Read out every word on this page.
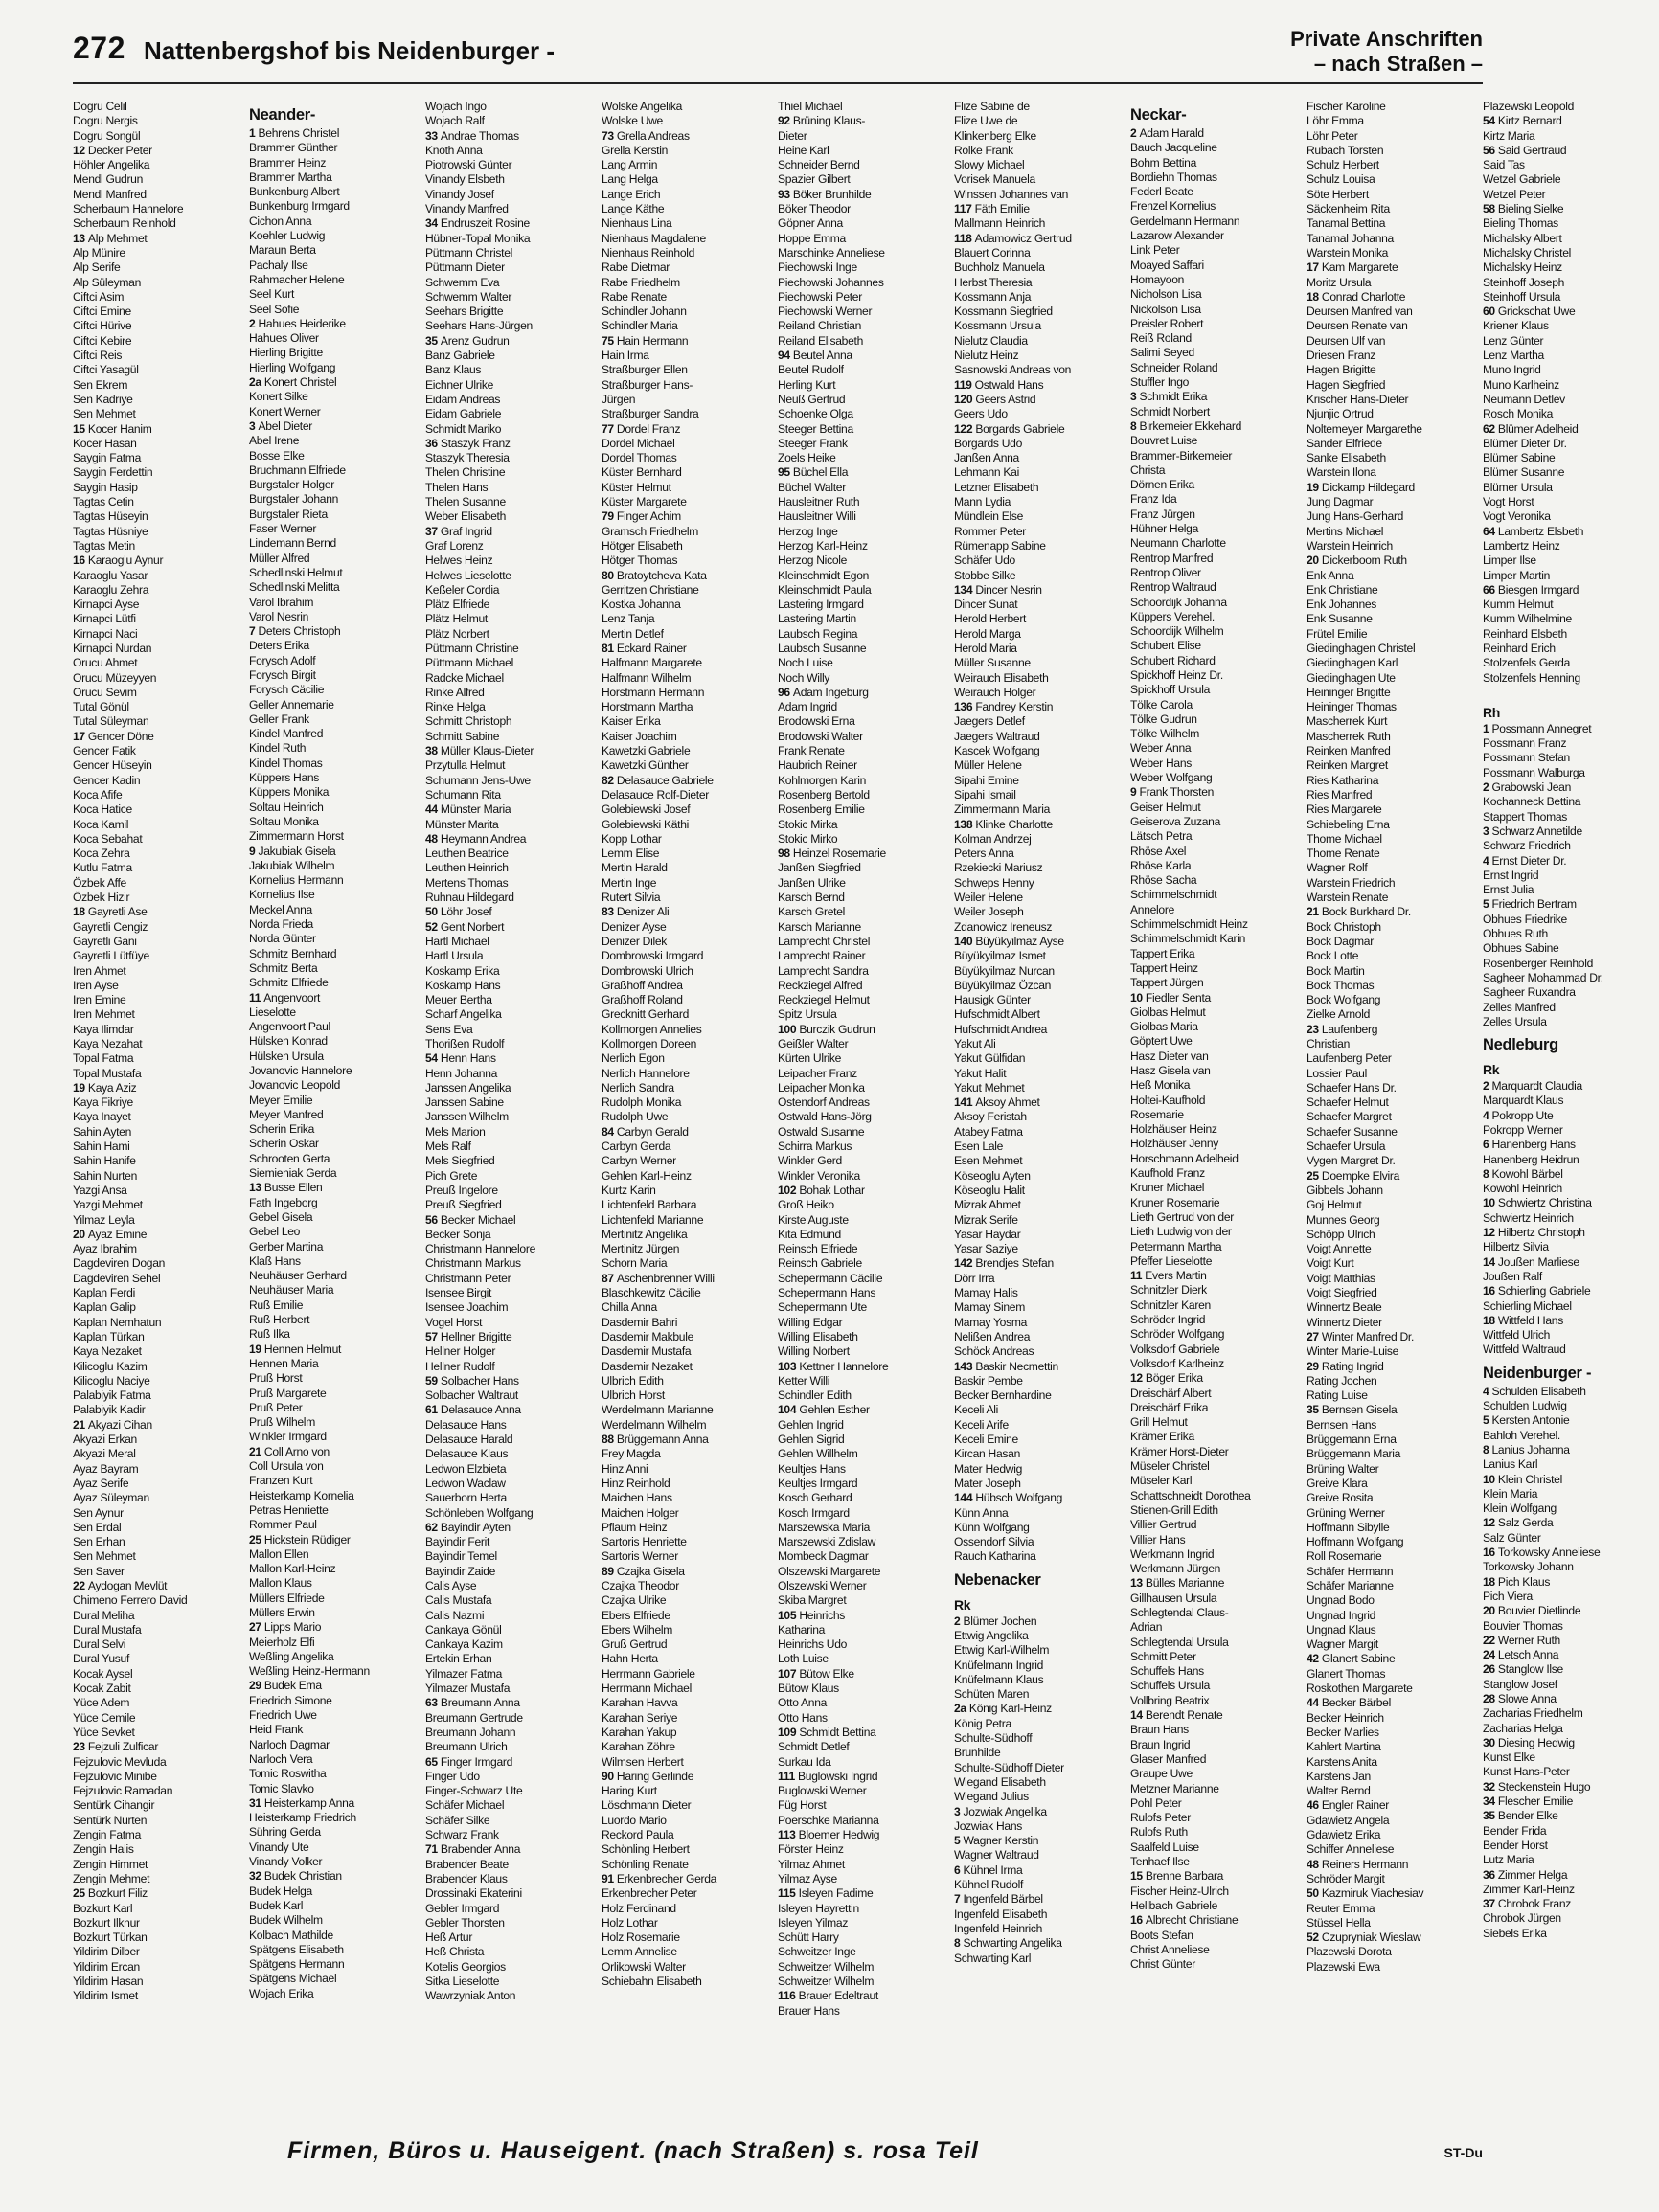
272 Nattenbergshof bis Neidenburger -	Private Anschriften
– nach Straßen –
Dogru Celil
Dogru Nergis
Dogru Songül
12 Decker Peter
Höhler Angelika
Mendl Gudrun
Mendl Manfred
Scherbaum Hannelore
Scherbaum Reinhold
13 Alp Mehmet
Alp Münire
Alp Serife
Alp Süleyman
Ciftci Asim
Ciftci Emine
Ciftci Hürive
Ciftci Kebire
Ciftci Reis
Ciftci Yasagül
Sen Ekrem
Sen Kadriye
Sen Mehmet
15 Kocer Hanim
Kocer Hasan
Saygin Fatma
Saygin Ferdettin
Saygin Hasip
Tagtas Cetin
Tagtas Hüseyin
Tagtas Hüsniye
Tagtas Metin
16 Karaoglu Aynur
Karaoglu Yasar
Karaoglu Zehra
Kirnapci Ayse
Kirnapci Lütfi
Kirnapci Naci
Kirnapci Nurdan
Orucu Ahmet
Orucu Müzeyyen
Orucu Sevim
Tutal Gönül
Tutal Süleyman
17 Gencer Döne
Gencer Fatik
Gencer Hüseyin
Gencer Kadin
Koca Afife
Koca Hatice
Koca Kamil
Koca Sebahat
Koca Zehra
Kutlu Fatma
Özbek Affe
Özbek Hizir
18 Gayretli Ase
Gayretli Cengiz
Gayretli Gani
Gayretli Lütfüye
Iren Ahmet
Iren Ayse
Iren Emine
Iren Mehmet
Kaya Ilimdar
Kaya Nezahat
Topal Fatma
Topal Mustafa
19 Kaya Aziz
Kaya Fikriye
Kaya Inayet
Sahin Ayten
Sahin Hami
Sahin Hanife
Sahin Nurten
Yazgi Ansa
Yazgi Mehmet
Yilmaz Leyla
20 Ayaz Emine
Ayaz Ibrahim
Dagdeviren Dogan
Dagdeviren Sehel
Kaplan Ferdi
Kaplan Galip
Kaplan Nemhatun
Kaplan Türkan
Kaya Nezaket
Kilicoglu Kazim
Kilicoglu Naciye
Palabiyik Fatma
Palabiyik Kadir
21 Akyazi Cihan
Akyazi Erkan
Akyazi Meral
Ayaz Bayram
Ayaz Serife
Ayaz Süleyman
Sen Aynur
Sen Erdal
Sen Erhan
Sen Mehmet
Sen Saver
22 Aydogan Mevlüt
Chimeno Ferrero David
Dural Meliha
Dural Mustafa
Dural Selvi
Dural Yusuf
Kocak Aysel
Kocak Zabit
Yüce Adem
Yüce Cemile
Yüce Sevket
23 Fejzuli Zulficar
Fejzulovic Mevluda
Fejzulovic Minibe
Fejzulovic Ramadan
Sentürk Cihangir
Sentürk Nurten
Zengin Fatma
Zengin Halis
Zengin Himmet
Zengin Mehmet
25 Bozkurt Filiz
Bozkurt Karl
Bozkurt Ilknur
Bozkurt Türkan
Yildirim Dilber
Yildirim Ercan
Yildirim Hasan
Yildirim Ismet
Neander-
1 Behrens Christel
Brammer Günther
Brammer Heinz
Brammer Martha
Bunkenburg Albert
Bunkenburg Irmgard
Cichon Anna
Koehler Ludwig
Maraun Berta
Pachaly Ilse
Rahmacher Helene
Seel Kurt
Seel Sofie
2 Hahues Heiderike
Hahues Oliver
Hierling Brigitte
Hierling Wolfgang
2a Konert Christel
Konert Silke
Konert Werner
3 Abel Dieter
Abel Irene
Bosse Elke
Bruchmann Elfriede
Burgstaler Holger
Burgstaler Johann
Burgstaler Rieta
Faser Werner
Lindemann Bernd
Müller Alfred
Schedlinski Helmut
Schedlinski Melitta
Varol Ibrahim
Varol Nesrin
7 Deters Christoph
Deters Erika
Forysch Adolf
Forysch Birgit
Forysch Cäcilie
Geller Annemarie
Geller Frank
Kindel Manfred
Kindel Ruth
Kindel Thomas
Küppers Hans
Küppers Monika
Soltau Heinrich
Soltau Monika
Zimmermann Horst
9 Jakubiak Gisela
Jakubiak Wilhelm
Kornelius Hermann
Kornelius Ilse
Meckel Anna
Norda Frieda
Norda Günter
Schmitz Bernhard
Schmitz Berta
Schmitz Elfriede
11 Angenvoort
Lieselotte
Angenvoort Paul
Hülsken Konrad
Hülsken Ursula
Jovanovic Hannelore
Jovanovic Leopold
Meyer Emilie
Meyer Manfred
Scherin Erika
Scherin Oskar
Schrooten Gerta
Siemieniak Gerda
13 Busse Ellen
Fath Ingeborg
Gebel Gisela
Gebel Leo
Gerber Martina
Klaß Hans
Neuhäuser Gerhard
Neuhäuser Maria
Ruß Emilie
Ruß Herbert
Ruß Ilka
19 Hennen Helmut
Hennen Maria
Pruß Horst
Pruß Margarete
Pruß Peter
Pruß Wilhelm
Winkler Irmgard
21 Coll Arno von
Coll Ursula von
Franzen Kurt
Heisterkamp Kornelia
Petras Henriette
Rommer Paul
25 Hickstein Rüdiger
Mallon Ellen
Mallon Karl-Heinz
Mallon Klaus
Müllers Elfriede
Müllers Erwin
27 Lipps Mario
Meierholz Elfi
Weßling Angelika
Weßling Heinz-Hermann
29 Budek Ema
Friedrich Simone
Friedrich Uwe
Heid Frank
Narloch Dagmar
Narloch Vera
Tomic Roswitha
Tomic Slavko
31 Heisterkamp Anna
Heisterkamp Friedrich
Sühring Gerda
Vinandy Ute
Vinandy Volker
32 Budek Christian
Budek Helga
Budek Karl
Budek Wilhelm
Kolbach Mathilde
Spätgens Elisabeth
Spätgens Hermann
Spätgens Michael
Wojach Erika
Wojach Ingo
Wojach Ralf
33 Andrae Thomas
Knoth Anna
Piotrowski Günter
Vinandy Elsbeth
Vinandy Josef
Vinandy Manfred
34 Endruszeit Rosine
Hübner-Topal Monika
Püttmann Christel
Püttmann Dieter
Schwemm Eva
Schwemm Walter
Seehars Brigitte
Seehars Hans-Jürgen
35 Arenz Gudrun
Banz Gabriele
Banz Klaus
Eichner Ulrike
Eidam Andreas
Eidam Gabriele
Schmidt Mariko
36 Staszyk Franz
Staszyk Theresia
Thelen Christine
Thelen Hans
Thelen Susanne
Weber Elisabeth
37 Graf Ingrid
Graf Lorenz
Helwes Heinz
Helwes Lieselotte
Keßeler Cordia
Plätz Elfriede
Plätz Helmut
Plätz Norbert
Püttmann Christine
Püttmann Michael
Radcke Michael
Rinke Alfred
Rinke Helga
Schmitt Christoph
Schmitt Sabine
38 Müller Klaus-Dieter
Przytulla Helmut
Schumann Jens-Uwe
Schumann Rita
44 Münster Maria
Münster Marita
48 Heymann Andrea
Leuthen Beatrice
Leuthen Heinrich
Mertens Thomas
Ruhnau Hildegard
50 Löhr Josef
52 Gent Norbert
Hartl Michael
Hartl Ursula
Koskamp Erika
Koskamp Hans
Meuer Bertha
Scharf Angelika
Sens Eva
Thorißen Rudolf
54 Henn Hans
Henn Johanna
Janssen Angelika
Janssen Sabine
Janssen Wilhelm
Mels Marion
Mels Ralf
Mels Siegfried
Pich Grete
Preuß Ingelore
Preuß Siegfried
56 Becker Michael
Becker Sonja
Christmann Hannelore
Christmann Markus
Christmann Peter
Isensee Birgit
Isensee Joachim
Vogel Horst
57 Hellner Brigitte
Hellner Holger
Hellner Rudolf
59 Solbacher Hans
Solbacher Waltraut
61 Delasauce Anna
Delasauce Hans
Delasauce Harald
Delasauce Klaus
Ledwon Elzbieta
Ledwon Waclaw
Sauerborn Herta
Schönleben Wolfgang
62 Bayindir Ayten
Bayindir Ferit
Bayindir Temel
Bayindir Zaide
Calis Ayse
Calis Mustafa
Calis Nazmi
Cankaya Gönül
Cankaya Kazim
Ertekin Erhan
Yilmazer Fatma
Yilmazer Mustafa
63 Breumann Anna
Breumann Gertrude
Breumann Johann
Breumann Ulrich
65 Finger Irmgard
Finger Udo
Finger-Schwarz Ute
Schäfer Michael
Schäfer Silke
Schwarz Frank
71 Brabender Anna
Brabender Beate
Brabender Klaus
Drossinaki Ekaterini
Gebler Irmgard
Gebler Thorsten
Heß Artur
Heß Christa
Kotelis Georgios
Sitka Lieselotte
Wawrzyniak Anton
Wolske Angelika
Wolske Uwe
73 Grella Andreas
Grella Kerstin
Lang Armin
Lang Helga
Lange Erich
Lange Käthe
Nienhaus Lina
Nienhaus Magdalene
Nienhaus Reinhold
Rabe Dietmar
Rabe Friedhelm
Rabe Renate
Schindler Johann
Schindler Maria
75 Hain Hermann
Hain Irma
Straßburger Ellen
Straßburger Hans-
Jürgen
Straßburger Sandra
77 Dordel Franz
Dordel Michael
Dordel Thomas
Küster Bernhard
Küster Helmut
Küster Margarete
79 Finger Achim
Gramsch Friedhelm
Hötger Elisabeth
Hötger Thomas
80 Bratoytcheva Kata
Gerritzen Christiane
Kostka Johanna
Lenz Tanja
Mertin Detlef
81 Eckard Rainer
Halfmann Margarete
Halfmann Wilhelm
Horstmann Hermann
Horstmann Martha
Kaiser Erika
Kaiser Joachim
Kawetzki Gabriele
Kawetzki Günther
82 Delasauce Gabriele
Delasauce Rolf-Dieter
Golebiewski Josef
Golebiewski Käthi
Kopp Lothar
Lemm Elise
Mertin Harald
Mertin Inge
Rutert Silvia
83 Denizer Ali
Denizer Ayse
Denizer Dilek
Dombrowski Irmgard
Dombrowski Ulrich
Graßhoff Andrea
Graßhoff Roland
Grecknitt Gerhard
Kollmorgen Annelies
Kollmorgen Doreen
Nerlich Egon
Nerlich Hannelore
Nerlich Sandra
Rudolph Monika
Rudolph Uwe
84 Carbyn Gerald
Carbyn Gerda
Carbyn Werner
Gehlen Karl-Heinz
Kurtz Karin
Lichtenfeld Barbara
Lichtenfeld Marianne
Mertinitz Angelika
Mertinitz Jürgen
Schorn Maria
87 Aschenbrenner Willi
Blaschkewitz Cäcilie
Chilla Anna
Dasdemir Bahri
Dasdemir Makbule
Dasdemir Mustafa
Dasdemir Nezaket
Ulbrich Edith
Ulbrich Horst
Werdelmann Marianne
Werdelmann Wilhelm
88 Brüggemann Anna
Frey Magda
Hinz Anni
Hinz Reinhold
Maichen Hans
Maichen Holger
Pflaum Heinz
Sartoris Henriette
Sartoris Werner
89 Czajka Gisela
Czajka Theodor
Czajka Ulrike
Ebers Elfriede
Ebers Wilhelm
Gruß Gertrud
Hahn Herta
Herrmann Gabriele
Herrmann Michael
Karahan Havva
Karahan Seriye
Karahan Yakup
Karahan Zöhre
Wilmsen Herbert
90 Haring Gerlinde
Haring Kurt
Löschmann Dieter
Luordo Mario
Reckord Paula
Schönling Herbert
Schönling Renate
91 Erkenbrecher Gerda
Erkenbrecher Peter
Holz Ferdinand
Holz Lothar
Holz Rosemarie
Lemm Annelise
Orlikowski Walter
Schiebahn Elisabeth
Thiel Michael
92 Brüning Klaus-
Dieter
Heine Karl
Schneider Bernd
Spazier Gilbert
93 Böker Brunhilde
Böker Theodor
Göpner Anna
Hoppe Emma
Marschinke Anneliese
Piechowski Inge
Piechowski Johannes
Piechowski Peter
Piechowski Werner
Reiland Christian
Reiland Elisabeth
94 Beutel Anna
Beutel Rudolf
Herling Kurt
Neuß Gertrud
Schoenke Olga
Steeger Bettina
Steeger Frank
Zoels Heike
95 Büchel Ella
Büchel Walter
Hausleitner Ruth
Hausleitner Willi
Herzog Inge
Herzog Karl-Heinz
Herzog Nicole
Kleinschmidt Egon
Kleinschmidt Paula
Lastering Irmgard
Lastering Martin
Laubsch Regina
Laubsch Susanne
Noch Luise
Noch Willy
96 Adam Ingeburg
Adam Ingrid
Brodowski Erna
Brodowski Walter
Frank Renate
Haubrich Reiner
Kohlmorgen Karin
Rosenberg Bertold
Rosenberg Emilie
Stokic Mirka
Stokic Mirko
98 Heinzel Rosemarie
Janßen Siegfried
Janßen Ulrike
Karsch Bernd
Karsch Gretel
Karsch Marianne
Lamprecht Christel
Lamprecht Rainer
Lamprecht Sandra
Reckziegel Alfred
Reckziegel Helmut
Spitz Ursula
100 Burczik Gudrun
Geißler Walter
Kürten Ulrike
Leipacher Franz
Leipacher Monika
Ostendorf Andreas
Ostwald Hans-Jörg
Ostwald Susanne
Schirra Markus
Winkler Gerd
Winkler Veronika
102 Bohak Lothar
Groß Heiko
Kirste Auguste
Kita Edmund
Reinsch Elfriede
Reinsch Gabriele
Schepermann Cäcilie
Schepermann Hans
Schepermann Ute
Willing Edgar
Willing Elisabeth
Willing Norbert
103 Kettner Hannelore
Ketter Willi
Schindler Edith
104 Gehlen Esther
Gehlen Ingrid
Gehlen Sigrid
Gehlen Willhelm
Keultjes Hans
Keultjes Irmgard
Kosch Gerhard
Kosch Irmgard
Marszewska Maria
Marszewski Zdislaw
Mombeck Dagmar
Olszewski Margarete
Olszewski Werner
Skiba Margret
105 Heinrichs
Katharina
Heinrichs Udo
Loth Luise
107 Bütow Elke
Bütow Klaus
Otto Anna
Otto Hans
109 Schmidt Bettina
Schmidt Detlef
Surkau Ida
111 Buglowski Ingrid
Buglowski Werner
Füg Horst
Poerschke Marianna
113 Bloemer Hedwig
Förster Heinz
Yilmaz Ahmet
Yilmaz Ayse
115 Isleyen Fadime
Isleyen Hayrettin
Isleyen Yilmaz
Schütt Harry
Schweitzer Inge
Schweitzer Wilhelm
Schweitzer Wilhelm
116 Brauer Edeltraut
Brauer Hans
Flize Sabine de
Flize Uwe de
Klinkenberg Elke
Rolke Frank
Slowy Michael
Vorisek Manuela
Winssen Johannes van
117 Fäth Emilie
Mallmann Heinrich
118 Adamowicz Gertrud
Blauert Corinna
Buchholz Manuela
Herbst Theresia
Kossmann Anja
Kossmann Siegfried
Kossmann Ursula
Nielutz Claudia
Nielutz Heinz
Sasnowski Andreas von
119 Ostwald Hans
120 Geers Astrid
Geers Udo
122 Borgards Gabriele
Borgards Udo
Janßen Anna
Lehmann Kai
Letzner Elisabeth
Mann Lydia
Mündlein Else
Rommer Peter
Rümenapp Sabine
Schäfer Udo
Stobbe Silke
134 Dincer Nesrin
Dincer Sunat
Herold Herbert
Herold Marga
Herold Maria
Müller Susanne
Weirauch Elisabeth
Weirauch Holger
136 Fandrey Kerstin
Jaegers Detlef
Jaegers Waltraud
Kascek Wolfgang
Müller Helene
Sipahi Emine
Sipahi Ismail
Zimmermann Maria
138 Klinke Charlotte
Kolman Andrzej
Peters Anna
Rzekiecki Mariusz
Schweps Henny
Weiler Helene
Weiler Joseph
Zdanowicz Ireneusz
140 Büyükyilmaz Ayse
Büyükyilmaz Ismet
Büyükyilmaz Nurcan
Büyükyilmaz Özcan
Hausigk Günter
Hufschmidt Albert
Hufschmidt Andrea
Yakut Ali
Yakut Gülfidan
Yakut Halit
Yakut Mehmet
141 Aksoy Ahmet
Aksoy Feristah
Atabey Fatma
Esen Lale
Esen Mehmet
Köseoglu Ayten
Köseoglu Halit
Mizrak Ahmet
Mizrak Serife
Yasar Haydar
Yasar Saziye
142 Brendjes Stefan
Dörr Irra
Mamay Halis
Mamay Sinem
Mamay Yosma
Nelißen Andrea
Schöck Andreas
143 Baskir Necmettin
Baskir Pembe
Becker Bernhardine
Keceli Ali
Keceli Arife
Keceli Emine
Kircan Hasan
Mater Hedwig
Mater Joseph
144 Hübsch Wolfgang
Künn Anna
Künn Wolfgang
Ossendorf Silvia
Rauch Katharina
Nebenacker
Rk
2 Blümer Jochen
Ettwig Angelika
Ettwig Karl-Wilhelm
Knüfelmann Ingrid
Knüfelmann Klaus
Schüten Maren
2a König Karl-Heinz
König Petra
Schulte-Südhoff
Brunhilde
Schulte-Südhoff Dieter
Wiegand Elisabeth
Wiegand Julius
3 Jozwiak Angelika
Jozwiak Hans
5 Wagner Kerstin
Wagner Waltraud
6 Kühnel Irma
Kühnel Rudolf
7 Ingenfeld Bärbel
Ingenfeld Elisabeth
Ingenfeld Heinrich
8 Schwarting Angelika
Schwarting Karl
Neckar-
2 Adam Harald
Bauch Jacqueline
Bohm Bettina
Bordiehn Thomas
Federl Beate
Frenzel Kornelius
Gerdelmann Hermann
Lazarow Alexander
Link Peter
Moayed Saffari
Homayoon
Nicholson Lisa
Nickolson Lisa
Preisler Robert
Reiß Roland
Salimi Seyed
Schneider Roland
Stuffler Ingo
3 Schmidt Erika
Schmidt Norbert
8 Birkemeier Ekkehard
Bouvret Luise
Brammer-Birkemeier
Christa
Dörnen Erika
Franz Ida
Franz Jürgen
Hühner Helga
Neumann Charlotte
Rentrop Manfred
Rentrop Oliver
Rentrop Waltraud
Schoordijk Johanna
Küppers Verehel.
Schoordijk Wilhelm
Schubert Elise
Schubert Richard
Spickhoff Heinz Dr.
Spickhoff Ursula
Tölke Carola
Tölke Gudrun
Tölke Wilhelm
Weber Anna
Weber Hans
Weber Wolfgang
9 Frank Thorsten
Geiser Helmut
Geiserova Zuzana
Lätsch Petra
Rhöse Axel
Rhöse Karla
Rhöse Sacha
Schimmelschmidt
Annelore
Schimmelschmidt Heinz
Schimmelschmidt Karin
Tappert Erika
Tappert Heinz
Tappert Jürgen
10 Fiedler Senta
Giolbas Helmut
Giolbas Maria
Göptert Uwe
Hasz Dieter van
Hasz Gisela van
Heß Monika
Holtei-Kaufhold
Rosemarie
Holzhäuser Heinz
Holzhäuser Jenny
Horschmann Adelheid
Kaufhold Franz
Kruner Michael
Kruner Rosemarie
Lieth Gertrud von der
Lieth Ludwig von der
Petermann Martha
Pfeffer Lieselotte
11 Evers Martin
Schnitzler Dierk
Schnitzler Karen
Schröder Ingrid
Schröder Wolfgang
Volksdorf Gabriele
Volksdorf Karlheinz
12 Böger Erika
Dreischärf Albert
Dreischärf Erika
Grill Helmut
Krämer Erika
Krämer Horst-Dieter
Müseler Christel
Müseler Karl
Schattschneidt Dorothea
Stienen-Grill Edith
Villier Gertrud
Villier Hans
Werkmann Ingrid
Werkmann Jürgen
13 Bülles Marianne
Gillhausen Ursula
Schlegtendal Claus-
Adrian
Schlegtendal Ursula
Schmitt Peter
Schuffels Hans
Schuffels Ursula
Vollbring Beatrix
14 Berendt Renate
Braun Hans
Braun Ingrid
Glaser Manfred
Graupe Uwe
Metzner Marianne
Pohl Peter
Rulofs Peter
Rulofs Ruth
Saalfeld Luise
Tenhaef Ilse
15 Brenne Barbara
Fischer Heinz-Ulrich
Hellbach Gabriele
16 Albrecht Christiane
Boots Stefan
Christ Anneliese
Christ Günter
Fischer Karoline
Löhr Emma
Löhr Peter
Rubach Torsten
Schulz Herbert
Schulz Louisa
Söte Herbert
Säckenheim Rita
Tanamal Bettina
Tanamal Johanna
Warstein Monika
17 Kam Margarete
Moritz Ursula
18 Conrad Charlotte
Deursen Manfred van
Deursen Renate van
Deursen Ulf van
Driesen Franz
Hagen Brigitte
Hagen Siegfried
Krischer Hans-Dieter
Njunjic Ortrud
Noltemeyer Margarethe
Sander Elfriede
Sanke Elisabeth
Warstein Ilona
19 Dickamp Hildegard
Jung Dagmar
Jung Hans-Gerhard
Mertins Michael
Warstein Heinrich
20 Dickerboom Ruth
Enk Anna
Enk Christiane
Enk Johannes
Enk Susanne
Frütel Emilie
Giedinghagen Christel
Giedinghagen Karl
Giedinghagen Ute
Heininger Brigitte
Heininger Thomas
Mascherrek Kurt
Mascherrek Ruth
Reinken Manfred
Reinken Margret
Ries Katharina
Ries Manfred
Ries Margarete
Schiebeling Erna
Thome Michael
Thome Renate
Wagner Rolf
Warstein Friedrich
Warstein Renate
21 Bock Burkhard Dr.
Bock Christoph
Bock Dagmar
Bock Lotte
Bock Martin
Bock Thomas
Bock Wolfgang
Zielke Arnold
23 Laufenberg
Christian
Laufenberg Peter
Lossier Paul
Schaefer Hans Dr.
Schaefer Helmut
Schaefer Margret
Schaefer Susanne
Schaefer Ursula
Vygen Margret Dr.
25 Doempke Elvira
Gibbels Johann
Goj Helmut
Munnes Georg
Schöpp Ulrich
Voigt Annette
Voigt Kurt
Voigt Matthias
Voigt Siegfried
Winnertz Beate
Winnertz Dieter
27 Winter Manfred Dr.
Winter Marie-Luise
29 Rating Ingrid
Rating Jochen
Rating Luise
35 Bernsen Gisela
Bernsen Hans
Brüggemann Erna
Brüggemann Maria
Brüning Walter
Greive Klara
Greive Rosita
Grüning Werner
Hoffmann Sibylle
Hoffmann Wolfgang
Roll Rosemarie
Schäfer Hermann
Schäfer Marianne
Ungnad Bodo
Ungnad Ingrid
Ungnad Klaus
Wagner Margit
42 Glanert Sabine
Glanert Thomas
Roskothen Margarete
44 Becker Bärbel
Becker Heinrich
Becker Marlies
Kahlert Martina
Karstens Anita
Karstens Jan
Walter Bernd
46 Engler Rainer
Gdawietz Angela
Gdawietz Erika
Schiffer Anneliese
48 Reiners Hermann
Schröder Margit
50 Kazmiruk Viachesiav
Reuter Emma
Stüssel Hella
52 Czupryniak Wieslaw
Plazewski Dorota
Plazewski Ewa
Plazewski Leopold
54 Kirtz Bernard
Kirtz Maria
56 Said Gertraud
Said Tas
Wetzel Gabriele
Wetzel Peter
58 Bieling Sielke
Bieling Thomas
Michalsky Albert
Michalsky Christel
Michalsky Heinz
Steinhoff Joseph
Steinhoff Ursula
60 Grickschat Uwe
Kriener Klaus
Lenz Günter
Lenz Martha
Muno Ingrid
Muno Karlheinz
Neumann Detlev
Rosch Monika
62 Blümer Adelheid
Blümer Dieter Dr.
Blümer Sabine
Blümer Susanne
Blümer Ursula
Vogt Horst
Vogt Veronika
64 Lambertz Elsbeth
Lambertz Heinz
Limper Ilse
Limper Martin
66 Biesgen Irmgard
Kumm Helmut
Kumm Wilhelmine
Reinhard Elsbeth
Reinhard Erich
Stolzenfels Gerda
Stolzenfels Henning
Rh
1 Possmann Annegret
Possmann Franz
Possmann Stefan
Possmann Walburga
2 Grabowski Jean
Kochanneck Bettina
Stappert Thomas
3 Schwarz Annetilde
Schwarz Friedrich
4 Ernst Dieter Dr.
Ernst Ingrid
Ernst Julia
5 Friedrich Bertram
Obhues Friedrike
Obhues Ruth
Obhues Sabine
Rosenberger Reinhold
Sagheer Mohammad Dr.
Sagheer Ruxandra
Zelles Manfred
Zelles Ursula
Nedleburg
Rk
2 Marquardt Claudia
Marquardt Klaus
4 Pokropp Ute
Pokropp Werner
6 Hanenberg Hans
Hanenberg Heidrun
8 Kowohl Bärbel
Kowohl Heinrich
10 Schwiertz Christina
Schwiertz Heinrich
12 Hilbertz Christoph
Hilbertz Silvia
14 Joußen Marliese
Joußen Ralf
16 Schierling Gabriele
Schierling Michael
18 Wittfeld Hans
Wittfeld Ulrich
Wittfeld Waltraud
Neidenburger -
4 Schulden Elisabeth
Schulden Ludwig
5 Kersten Antonie
Bahloh Verehel.
8 Lanius Johanna
Lanius Karl
10 Klein Christel
Klein Maria
Klein Wolfgang
12 Salz Gerda
Salz Günter
16 Torkowsky Anneliese
Torkowsky Johann
18 Pich Klaus
Pich Viera
20 Bouvier Dietlinde
Bouvier Thomas
22 Werner Ruth
24 Letsch Anna
26 Stanglow Ilse
Stanglow Josef
28 Slowe Anna
Zacharias Friedhelm
Zacharias Helga
30 Diesing Hedwig
Kunst Elke
Kunst Hans-Peter
32 Steckenstein Hugo
34 Flescher Emilie
35 Bender Elke
Bender Frida
Bender Horst
Lutz Maria
36 Zimmer Helga
Zimmer Karl-Heinz
37 Chrobok Franz
Chrobok Jürgen
Siebels Erika
Firmen, Büros u. Hauseigent. (nach Straßen) s. rosa Teil	ST-Du
